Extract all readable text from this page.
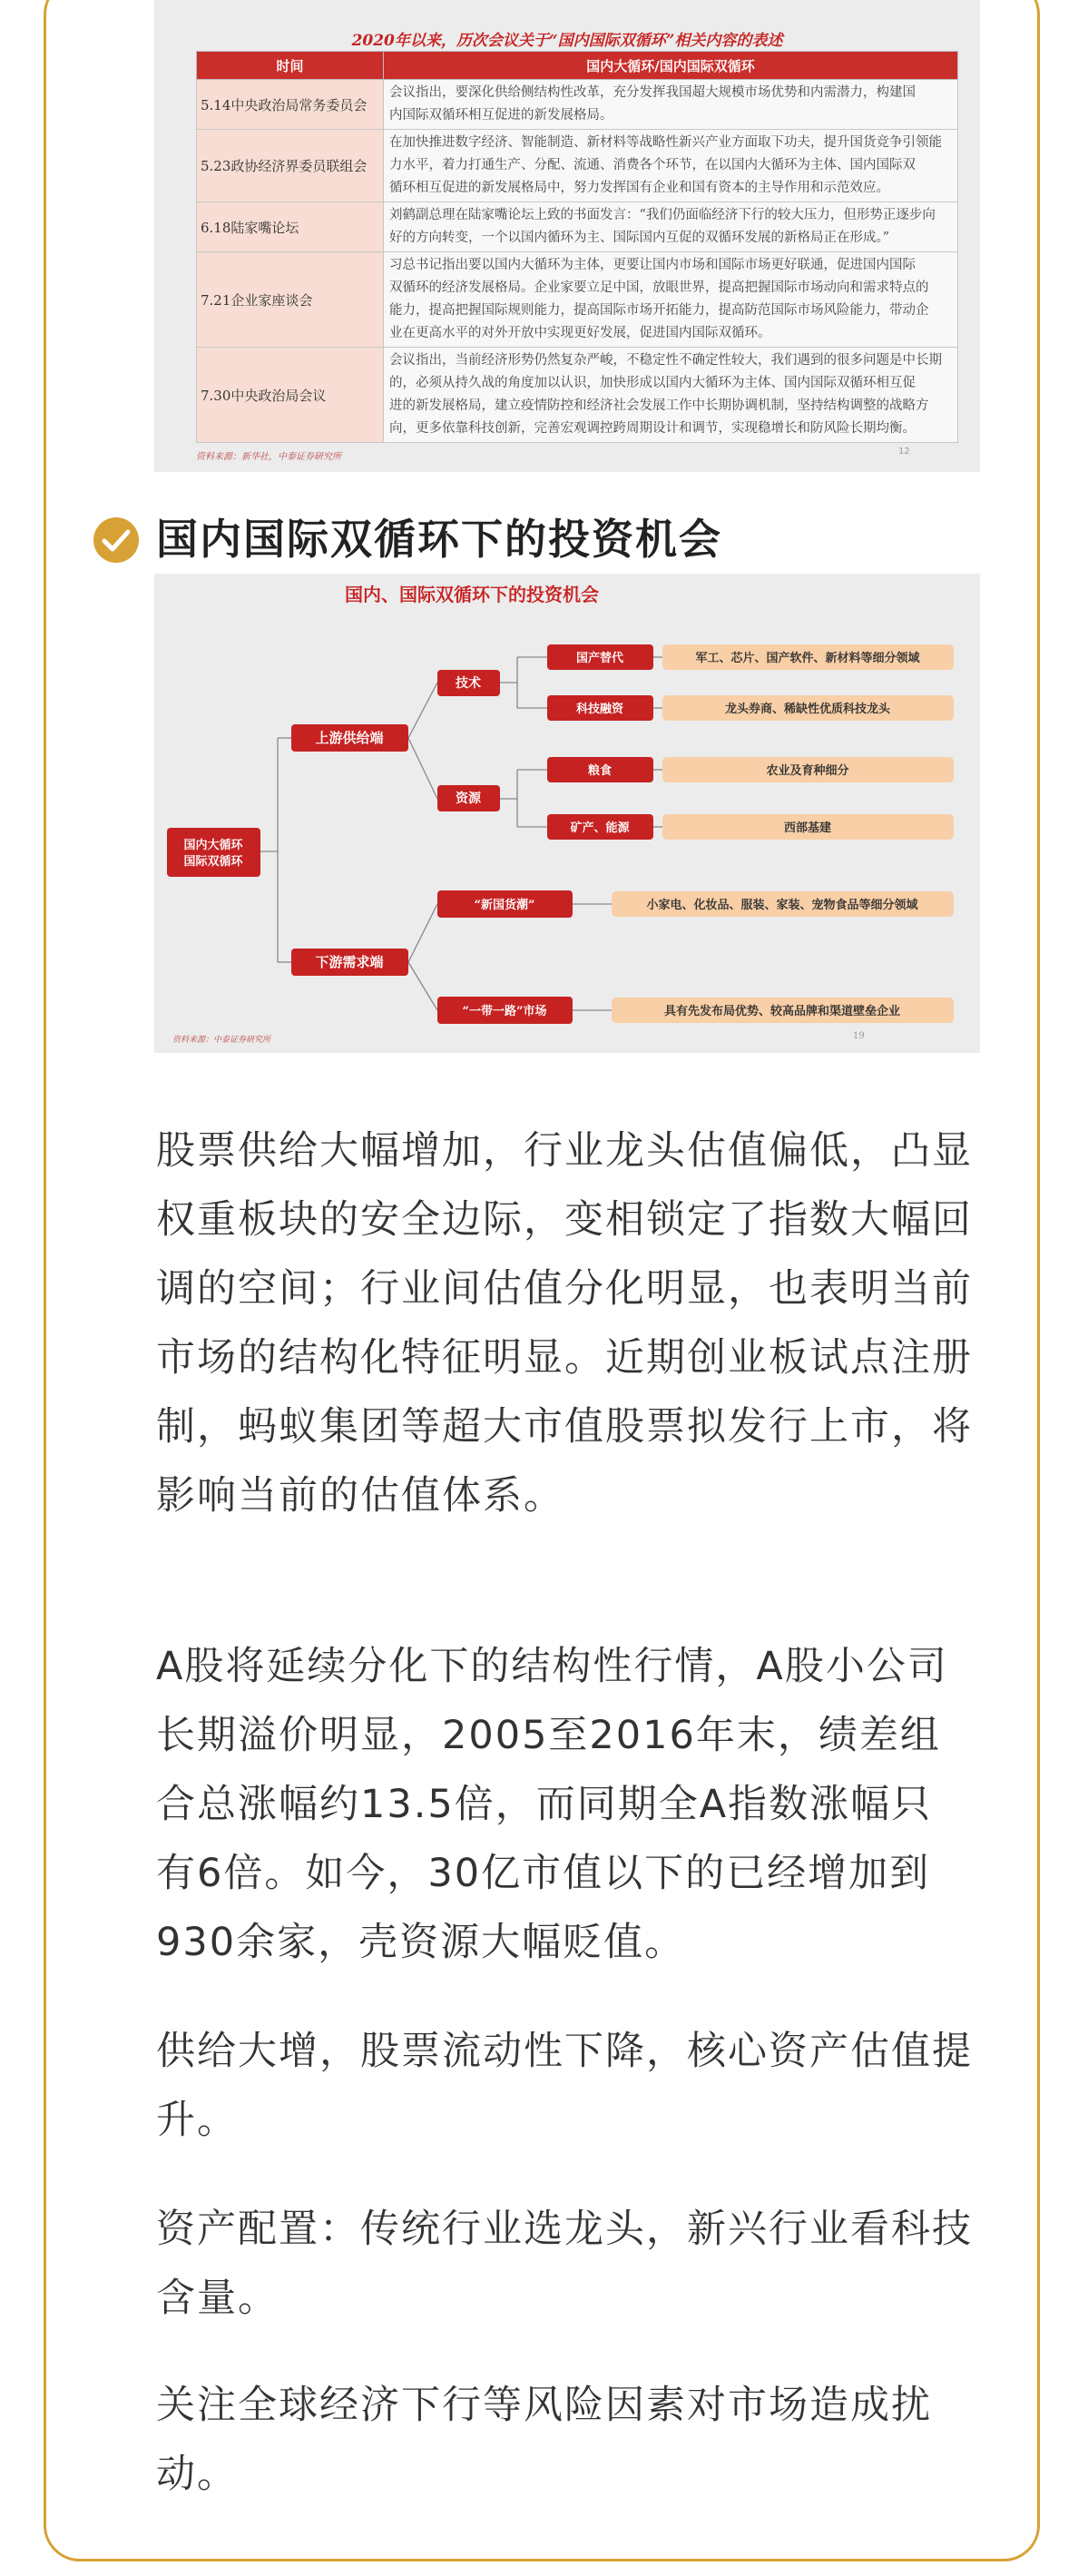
2020年以来，历次会议关于“国内国际双循环”相关内容的表述
时间	国内大循环/国内国际双循环
5.14中央政治局常务委员会	会议指出，要深化供给侧结构性改革，充分发挥我国超大规模市场优势和内需潜力，构建国
内国际双循环相互促进的新发展格局。

5.23政协经济界委员联组会	在加快推进数字经济、智能制造、新材料等战略性新兴产业方面取下功夫，提升国货竞争引领能
力水平，着力打通生产、分配、流通、消费各个环节，在以国内大循环为主体、国内国际双
循环相互促进的新发展格局中，努力发挥国有企业和国有资本的主导作用和示范效应。

6.18陆家嘴论坛	刘鹤副总理在陆家嘴论坛上致的书面发言：“我们仍面临经济下行的较大压力，但形势正逐步向
好的方向转变，一个以国内循环为主、国际国内互促的双循环发展的新格局正在形成。”

7.21企业家座谈会	习总书记指出要以国内大循环为主体，更要让国内市场和国际市场更好联通，促进国内国际
双循环的经济发展格局。企业家要立足中国，放眼世界，提高把握国际市场动向和需求特点的
能力，提高把握国际规则能力，提高国际市场开拓能力，提高防范国际市场风险能力，带动企
业在更高水平的对外开放中实现更好发展，促进国内国际双循环。

7.30中央政治局会议	会议指出，当前经济形势仍然复杂严峻，不稳定性不确定性较大，我们遇到的很多问题是中长期
的，必须从持久战的角度加以认识，加快形成以国内大循环为主体、国内国际双循环相互促
进的新发展格局，建立疫情防控和经济社会发展工作中长期协调机制，坚持结构调整的战略方
向，更多依靠科技创新，完善宏观调控跨周期设计和调节，实现稳增长和防风险长期均衡。
资料来源：新华社，中泰证券研究所
12
国内国际双循环下的投资机会
国内、国际双循环下的投资机会
国内大循环国际双循环
上游供给端
下游需求端
技术
资源
“新国货潮”
“一带一路”市场
国产替代
科技融资
粮食
矿产、能源
军工、芯片、国产软件、新材料等细分领域
龙头券商、稀缺性优质科技龙头
农业及育种细分
西部基建
小家电、化妆品、服装、家装、宠物食品等细分领域
具有先发布局优势、较高品牌和渠道壁垒企业
资料来源：中泰证券研究所	19

股票供给大幅增加，行业龙头估值偏低，凸显权重板块的安全边际，变相锁定了指数大幅回调的空间；行业间估值分化明显，也表明当前市场的结构化特征明显。近期创业板试点注册制，蚂蚁集团等超大市值股票拟发行上市，将影响当前的估值体系。

A股将延续分化下的结构性行情，A股小公司长期溢价明显，2005至2016年末，绩差组合总涨幅约13.5倍，而同期全A指数涨幅只有6倍。如今，30亿市值以下的已经增加到930余家，壳资源大幅贬值。

供给大增，股票流动性下降，核心资产估值提升。

资产配置：传统行业选龙头，新兴行业看科技含量。

关注全球经济下行等风险因素对市场造成扰动。
